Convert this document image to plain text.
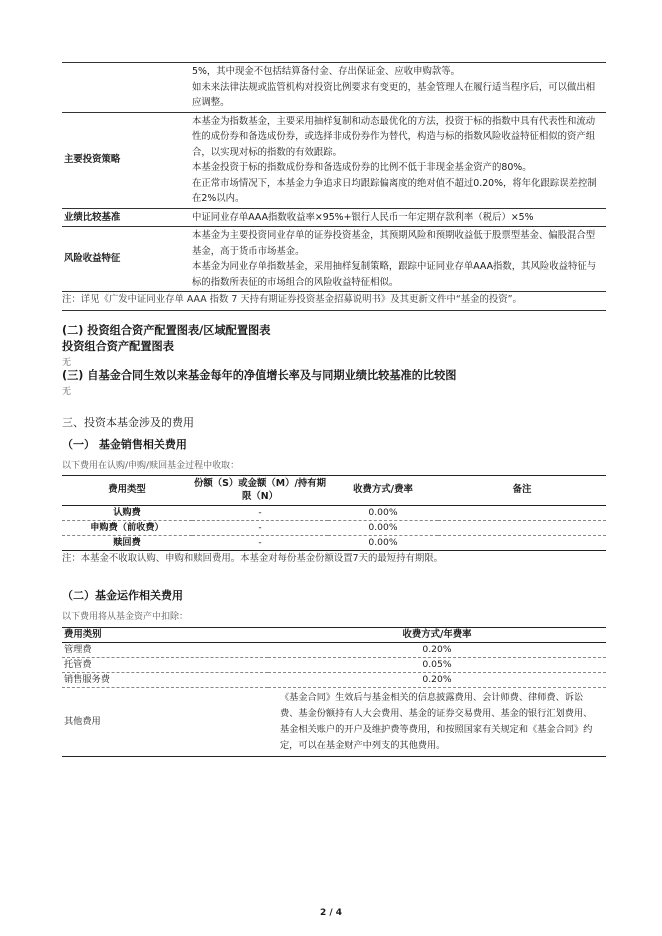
	5%，其中现金不包括结算备付金、存出保证金、应收申购款等。
如未来法律法规或监管机构对投资比例要求有变更的，基金管理人在履行适当程序后，可以做出相应调整。

主要投资策略	本基金为指数基金，主要采用抽样复制和动态最优化的方法，投资于标的指数中具有代表性和流动性的成份券和备选成份券，或选择非成份券作为替代，构造与标的指数风险收益特征相似的资产组合，以实现对标的指数的有效跟踪。
本基金投资于标的指数成份券和备选成份券的比例不低于非现金基金资产的80%。
在正常市场情况下，本基金力争追求日均跟踪偏离度的绝对值不超过0.20%，将年化跟踪误差控制在2%以内。

业绩比较基准	中证同业存单AAA指数收益率×95%+银行人民币一年定期存款利率（税后）×5%

风险收益特征	本基金为主要投资同业存单的证券投资基金，其预期风险和预期收益低于股票型基金、偏股混合型基金，高于货币市场基金。
本基金为同业存单指数基金，采用抽样复制策略，跟踪中证同业存单AAA指数，其风险收益特征与标的指数所表征的市场组合的风险收益特征相似。
注：详见《广发中证同业存单 AAA 指数 7 天持有期证券投资基金招募说明书》及其更新文件中“基金的投资”。
(二) 投资组合资产配置图表/区域配置图表
投资组合资产配置图表
无
(三) 自基金合同生效以来基金每年的净值增长率及与同期业绩比较基准的比较图
无
三、投资本基金涉及的费用
（一） 基金销售相关费用
以下费用在认购/申购/赎回基金过程中收取：
费用类型	份额（S）或金额（M）/持有期限（N）	收费方式/费率	备注
认购费	-	0.00%	
申购费（前收费）	-	0.00%	
赎回费	-	0.00%	
注：本基金不收取认购、申购和赎回费用。本基金对每份基金份额设置7天的最短持有期限。
（二）基金运作相关费用
以下费用将从基金资产中扣除：
费用类别	收费方式/年费率
管理费	0.20%
托管费	0.05%
销售服务费	0.20%
其他费用	《基金合同》生效后与基金相关的信息披露费用、会计师费、律师费、诉讼费、基金份额持有人大会费用、基金的证券交易费用、基金的银行汇划费用、基金相关账户的开户及维护费等费用，和按照国家有关规定和《基金合同》约定，可以在基金财产中列支的其他费用。
2 / 4
